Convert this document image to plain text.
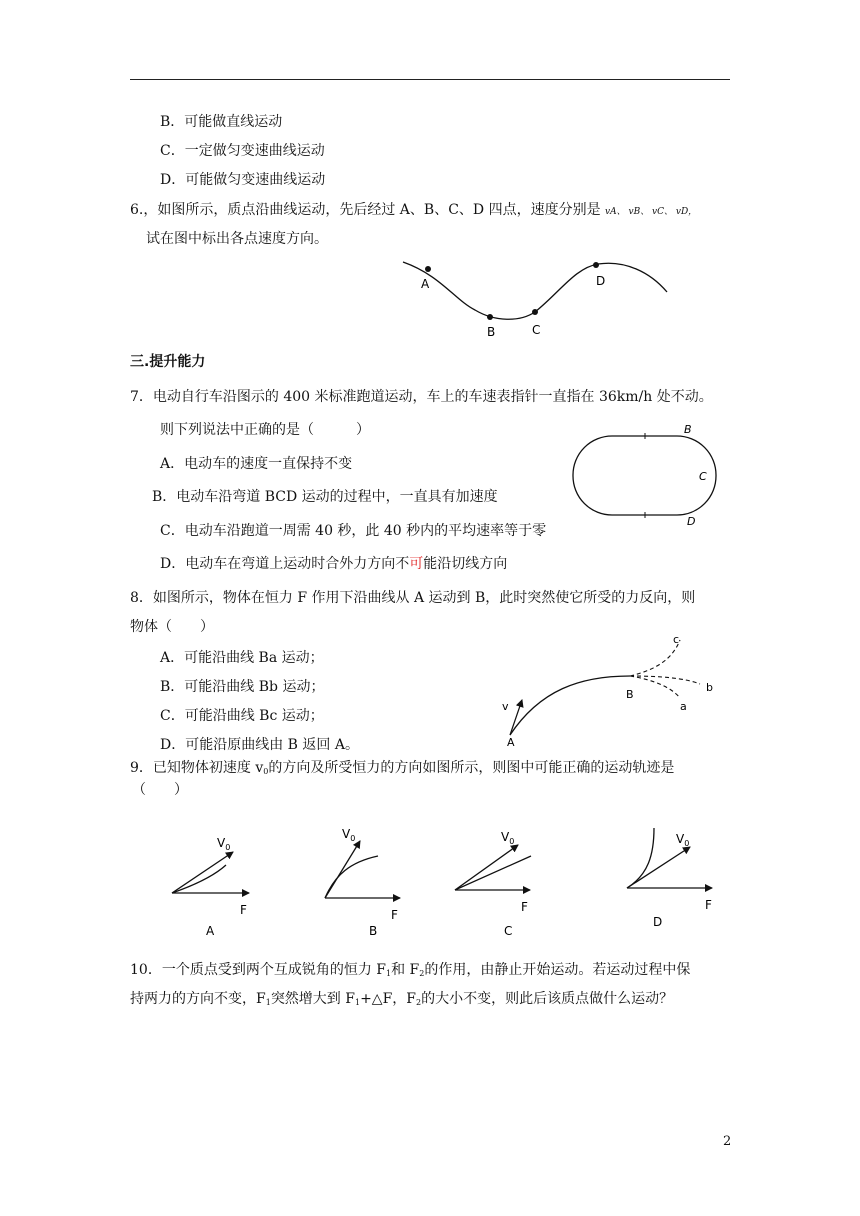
B．可能做直线运动
C．一定做匀变速曲线运动
D．可能做匀变速曲线运动
6.，如图所示，质点沿曲线运动，先后经过 A、B、C、D 四点，速度分别是 vA、 vB、 vC、 vD，
试在图中标出各点速度方向。
A
B	C
D
三.提升能力
7．电动自行车沿图示的 400 米标准跑道运动，车上的车速表指针一直指在 36km/h 处不动。
则下列说法中正确的是（　　　）
A．电动车的速度一直保持不变
B．电动车沿弯道 BCD 运动的过程中，一直具有加速度
C．电动车沿跑道一周需 40 秒，此 40 秒内的平均速率等于零
D．电动车在弯道上运动时合外力方向不可能沿切线方向
B
C
D
8．如图所示，物体在恒力 F 作用下沿曲线从 A 运动到 B，此时突然使它所受的力反向，则
物体（　　）
A．可能沿曲线 Ba 运动；
B．可能沿曲线 Bb 运动；
C．可能沿曲线 Bc 运动；
D．可能沿原曲线由 B 返回 A。
c
B
b
a
v
A
9．已知物体初速度 $v_0$的方向及所受恒力的方向如图所示，则图中可能正确的运动轨迹是
（　　）
$V_0$
F
A
$V_0$
F
B
$V_0$
F
C
$V_0$
F
D
10．一个质点受到两个互成锐角的恒力 $F_1$和 $F_2$的作用，由静止开始运动。若运动过程中保
持两力的方向不变，$F_1$突然增大到 $F_1+\triangle F$，$F_2$的大小不变，则此后该质点做什么运动？
2
